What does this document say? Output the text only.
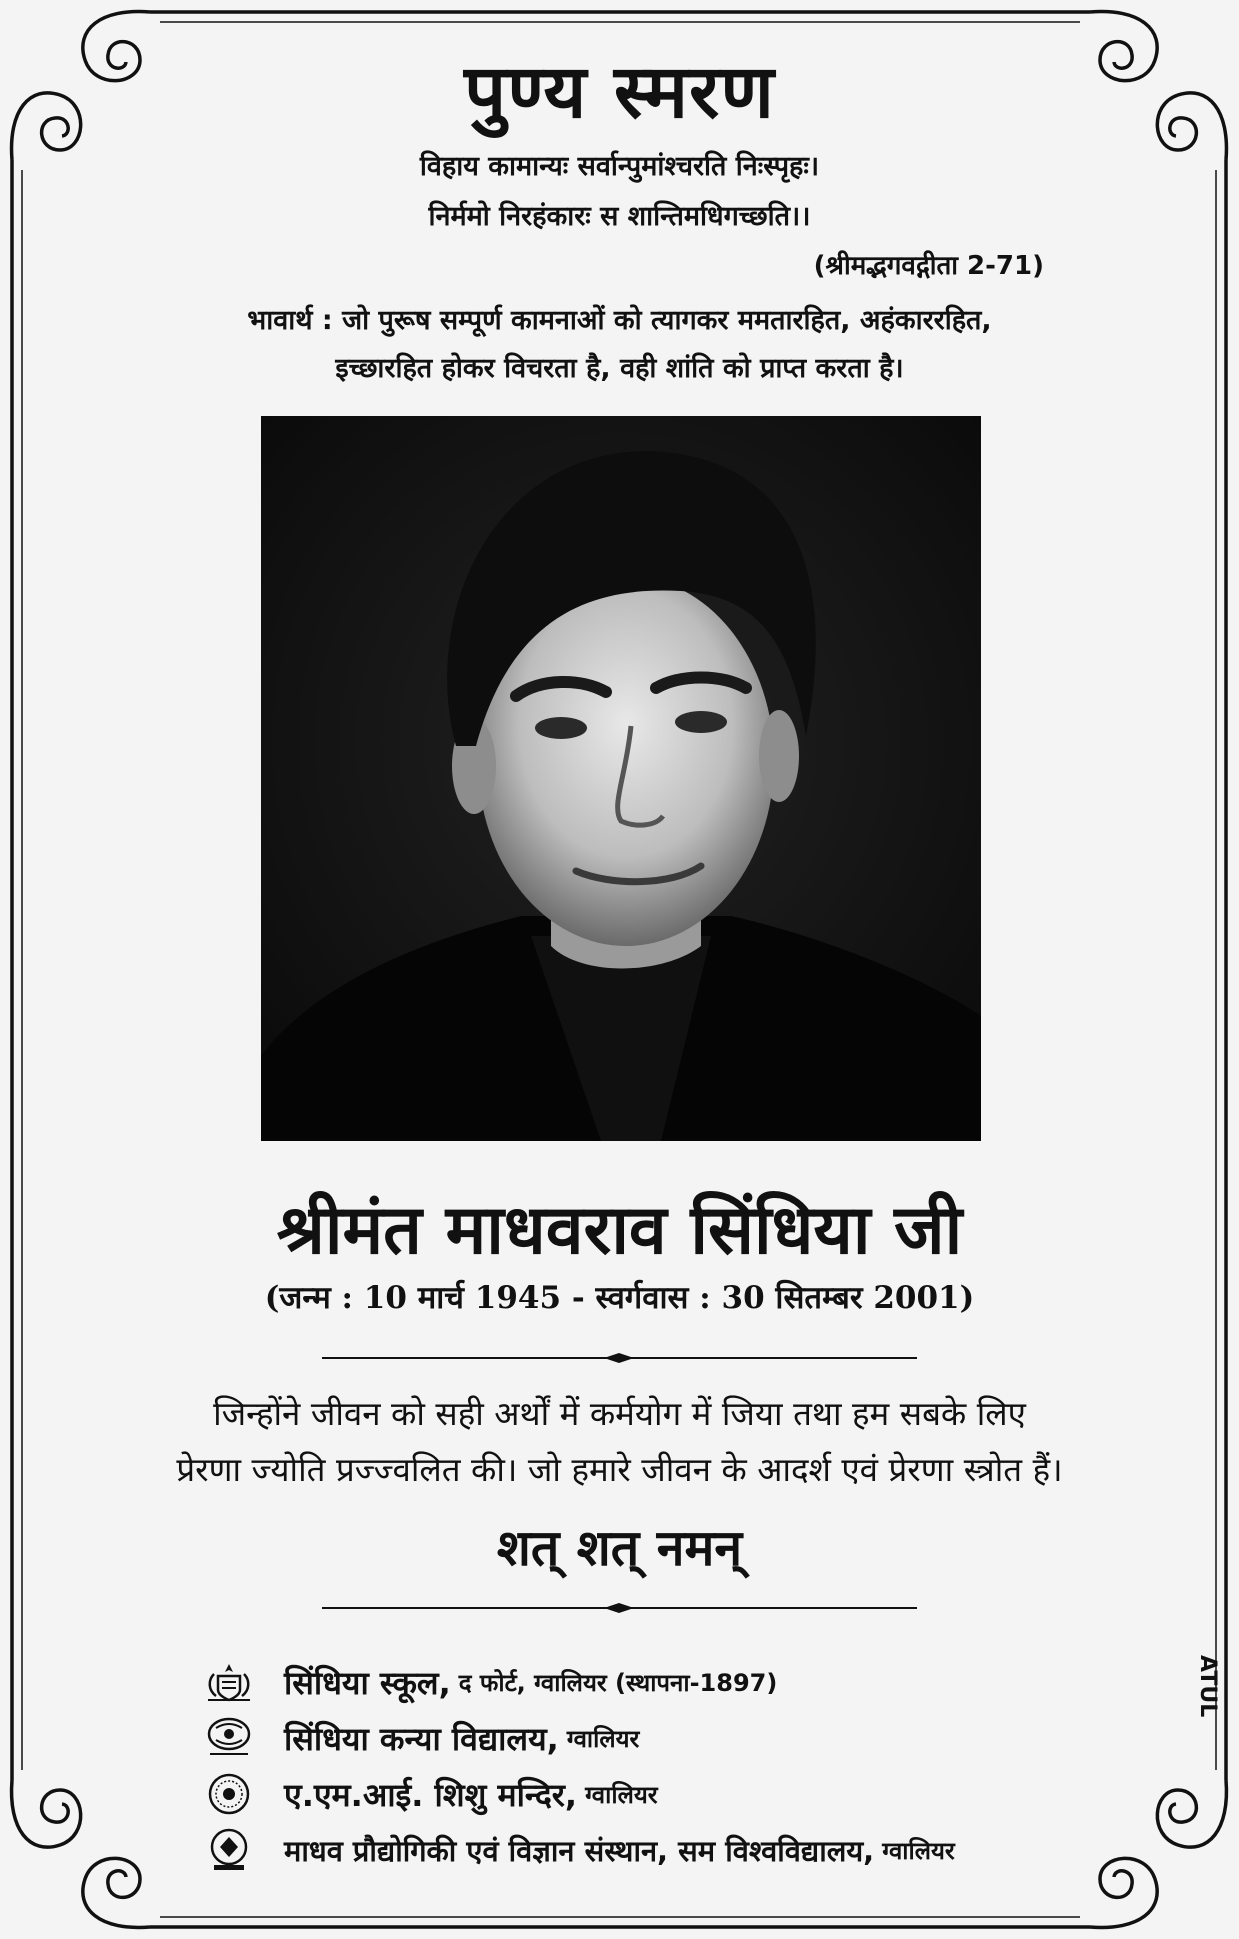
पुण्य स्मरण
विहाय कामान्यः सर्वान्पुमांश्चरति निःस्पृहः।
निर्ममो निरहंकारः स शान्तिमधिगच्छति।।
(श्रीमद्भगवद्गीता 2-71)
भावार्थ : जो पुरूष सम्पूर्ण कामनाओं को त्यागकर ममतारहित, अहंकाररहित,
इच्छारहित होकर विचरता है, वही शांति को प्राप्त करता है।
श्रीमंत माधवराव सिंधिया जी
(जन्म : 10 मार्च 1945 - स्वर्गवास : 30 सितम्बर 2001)
जिन्होंने जीवन को सही अर्थों में कर्मयोग में जिया तथा हम सबके लिए
प्रेरणा ज्योति प्रज्ज्वलित की। जो हमारे जीवन के आदर्श एवं प्रेरणा स्त्रोत हैं।
शत् शत् नमन्
सिंधिया स्कूल, द फोर्ट, ग्वालियर (स्थापना-1897)
सिंधिया कन्या विद्यालय, ग्वालियर
ए.एम.आई. शिशु मन्दिर, ग्वालियर
माधव प्रौद्योगिकी एवं विज्ञान संस्थान, सम विश्वविद्यालय, ग्वालियर
ATUL
